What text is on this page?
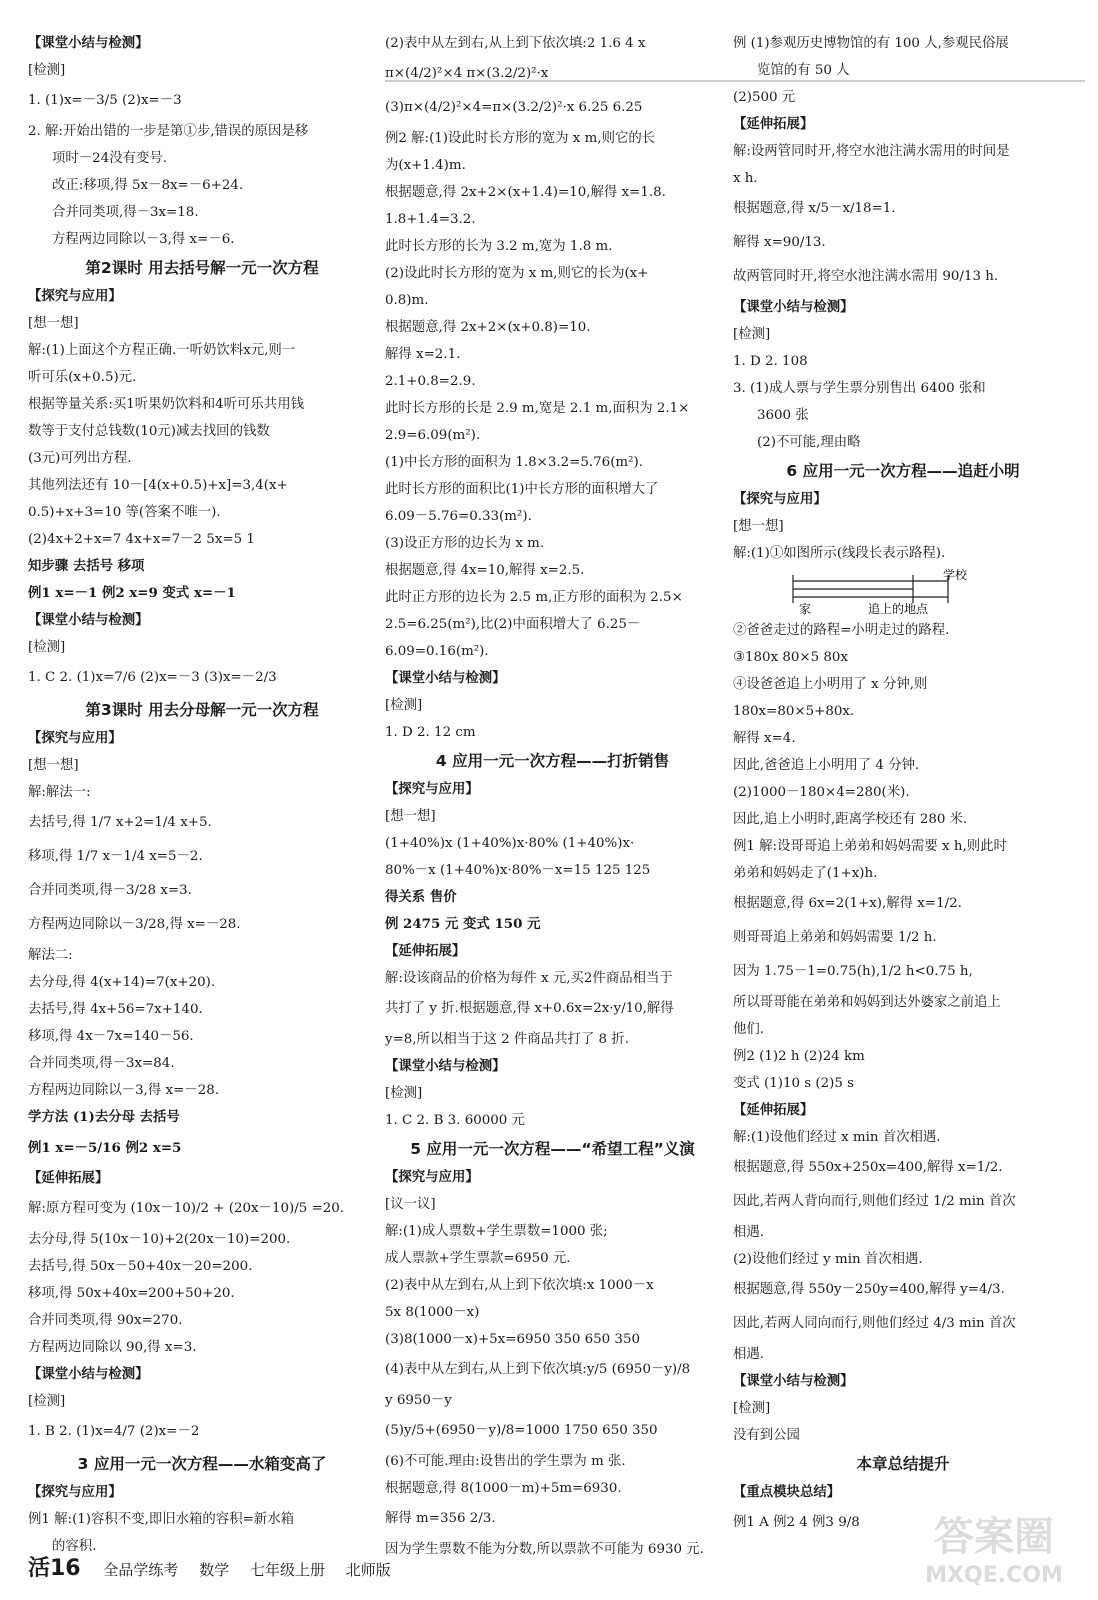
【课堂小结与检测】
[检测]
1. (1)x=－3/5 (2)x=－3
2. 解:开始出错的一步是第①步,错误的原因是移
项时－24没有变号.
改正:移项,得 5x－8x=－6+24.
合并同类项,得－3x=18.
方程两边同除以－3,得 x=－6.
第2课时 用去括号解一元一次方程
【探究与应用】
[想一想]
解:(1)上面这个方程正确.一听奶饮料x元,则一
听可乐(x+0.5)元.
根据等量关系:买1听果奶饮料和4听可乐共用钱
数等于支付总钱数(10元)减去找回的钱数
(3元)可列出方程.
其他列法还有 10－[4(x+0.5)+x]=3,4(x+
0.5)+x+3=10 等(答案不唯一).
(2)4x+2+x=7 4x+x=7－2 5x=5 1
知步骤 去括号 移项
例1 x=－1 例2 x=9 变式 x=－1
【课堂小结与检测】
[检测]
1. C 2. (1)x=7/6 (2)x=－3 (3)x=－2/3
第3课时 用去分母解一元一次方程
【探究与应用】
[想一想]
解:解法一:
去括号,得 1/7 x+2=1/4 x+5.
移项,得 1/7 x－1/4 x=5－2.
合并同类项,得－3/28 x=3.
方程两边同除以－3/28,得 x=－28.
解法二:
去分母,得 4(x+14)=7(x+20).
去括号,得 4x+56=7x+140.
移项,得 4x－7x=140－56.
合并同类项,得－3x=84.
方程两边同除以－3,得 x=－28.
学方法 (1)去分母 去括号
例1 x=－5/16 例2 x=5
【延伸拓展】
解:原方程可变为 (10x－10)/2 + (20x－10)/5 =20.
去分母,得 5(10x－10)+2(20x－10)=200.
去括号,得 50x－50+40x－20=200.
移项,得 50x+40x=200+50+20.
合并同类项,得 90x=270.
方程两边同除以 90,得 x=3.
【课堂小结与检测】
[检测]
1. B 2. (1)x=4/7 (2)x=－2
3 应用一元一次方程——水箱变高了
【探究与应用】
例1 解:(1)容积不变,即旧水箱的容积=新水箱
的容积.
(2)表中从左到右,从上到下依次填:2 1.6 4 x
π×(4/2)²×4 π×(3.2/2)²·x
(3)π×(4/2)²×4=π×(3.2/2)²·x 6.25 6.25
例2 解:(1)设此时长方形的宽为 x m,则它的长
为(x+1.4)m.
根据题意,得 2x+2×(x+1.4)=10,解得 x=1.8.
1.8+1.4=3.2.
此时长方形的长为 3.2 m,宽为 1.8 m.
(2)设此时长方形的宽为 x m,则它的长为(x+
0.8)m.
根据题意,得 2x+2×(x+0.8)=10.
解得 x=2.1.
2.1+0.8=2.9.
此时长方形的长是 2.9 m,宽是 2.1 m,面积为 2.1×
2.9=6.09(m²).
(1)中长方形的面积为 1.8×3.2=5.76(m²).
此时长方形的面积比(1)中长方形的面积增大了
6.09－5.76=0.33(m²).
(3)设正方形的边长为 x m.
根据题意,得 4x=10,解得 x=2.5.
此时正方形的边长为 2.5 m,正方形的面积为 2.5×
2.5=6.25(m²),比(2)中面积增大了 6.25－
6.09=0.16(m²).
【课堂小结与检测】
[检测]
1. D 2. 12 cm
4 应用一元一次方程——打折销售
【探究与应用】
[想一想]
(1+40%)x (1+40%)x·80% (1+40%)x·
80%－x (1+40%)x·80%－x=15 125 125
得关系 售价
例 2475 元 变式 150 元
【延伸拓展】
解:设该商品的价格为每件 x 元,买2件商品相当于
共打了 y 折.根据题意,得 x+0.6x=2x·y/10,解得
y=8,所以相当于这 2 件商品共打了 8 折.
【课堂小结与检测】
[检测]
1. C 2. B 3. 60000 元
5 应用一元一次方程——“希望工程”义演
【探究与应用】
[议一议]
解:(1)成人票数+学生票数=1000 张;
成人票款+学生票款=6950 元.
(2)表中从左到右,从上到下依次填:x 1000－x
5x 8(1000－x)
(3)8(1000－x)+5x=6950 350 650 350
(4)表中从左到右,从上到下依次填:y/5 (6950－y)/8
y 6950－y
(5)y/5+(6950－y)/8=1000 1750 650 350
(6)不可能.理由:设售出的学生票为 m 张.
根据题意,得 8(1000－m)+5m=6930.
解得 m=356 2/3.
因为学生票数不能为分数,所以票款不可能为 6930 元.
例 (1)参观历史博物馆的有 100 人,参观民俗展
览馆的有 50 人
(2)500 元
【延伸拓展】
解:设两管同时开,将空水池注满水需用的时间是
x h.
根据题意,得 x/5－x/18=1.
解得 x=90/13.
故两管同时开,将空水池注满水需用 90/13 h.
【课堂小结与检测】
[检测]
1. D 2. 108
3. (1)成人票与学生票分别售出 6400 张和
3600 张
(2)不可能,理由略
6 应用一元一次方程——追赶小明
【探究与应用】
[想一想]
解:(1)①如图所示(线段长表示路程).
家	追上的地点
学校
②爸爸走过的路程=小明走过的路程.
③180x 80×5 80x
④设爸爸追上小明用了 x 分钟,则
180x=80×5+80x.
解得 x=4.
因此,爸爸追上小明用了 4 分钟.
(2)1000－180×4=280(米).
因此,追上小明时,距离学校还有 280 米.
例1 解:设哥哥追上弟弟和妈妈需要 x h,则此时
弟弟和妈妈走了(1+x)h.
根据题意,得 6x=2(1+x),解得 x=1/2.
则哥哥追上弟弟和妈妈需要 1/2 h.
因为 1.75－1=0.75(h),1/2 h<0.75 h,
所以哥哥能在弟弟和妈妈到达外婆家之前追上
他们.
例2 (1)2 h (2)24 km
变式 (1)10 s (2)5 s
【延伸拓展】
解:(1)设他们经过 x min 首次相遇.
根据题意,得 550x+250x=400,解得 x=1/2.
因此,若两人背向而行,则他们经过 1/2 min 首次
相遇.
(2)设他们经过 y min 首次相遇.
根据题意,得 550y－250y=400,解得 y=4/3.
因此,若两人同向而行,则他们经过 4/3 min 首次
相遇.
【课堂小结与检测】
[检测]
没有到公园
本章总结提升
【重点模块总结】
例1 A 例2 4 例3 9/8
活16 全品学练考 数学 七年级上册 北师版
答案圈
MXQE.COM
